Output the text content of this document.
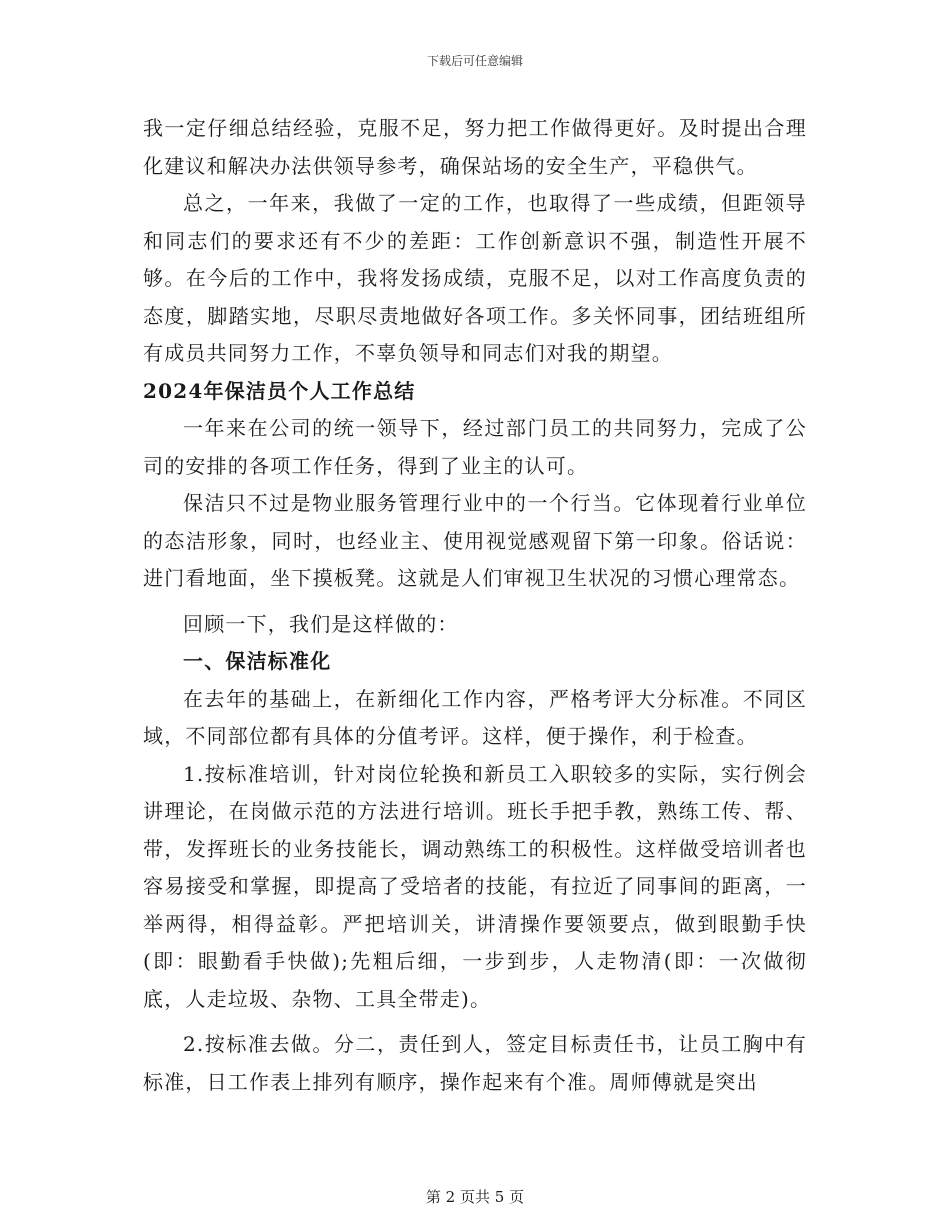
下载后可任意编辑

我一定仔细总结经验，克服不足，努力把工作做得更好。及时提出合理化建议和解决办法供领导参考，确保站场的安全生产，平稳供气。

总之，一年来，我做了一定的工作，也取得了一些成绩，但距领导和同志们的要求还有不少的差距：工作创新意识不强，制造性开展不够。在今后的工作中，我将发扬成绩，克服不足，以对工作高度负责的态度，脚踏实地，尽职尽责地做好各项工作。多关怀同事，团结班组所有成员共同努力工作，不辜负领导和同志们对我的期望。

2024年保洁员个人工作总结

一年来在公司的统一领导下，经过部门员工的共同努力，完成了公司的安排的各项工作任务，得到了业主的认可。

保洁只不过是物业服务管理行业中的一个行当。它体现着行业单位的态洁形象，同时，也经业主、使用视觉感观留下第一印象。俗话说：进门看地面，坐下摸板凳。这就是人们审视卫生状况的习惯心理常态。

回顾一下，我们是这样做的：

一、保洁标准化

在去年的基础上，在新细化工作内容，严格考评大分标准。不同区域，不同部位都有具体的分值考评。这样，便于操作，利于检查。

1.按标准培训，针对岗位轮换和新员工入职较多的实际，实行例会讲理论，在岗做示范的方法进行培训。班长手把手教，熟练工传、帮、带，发挥班长的业务技能长，调动熟练工的积极性。这样做受培训者也容易接受和掌握，即提高了受培者的技能，有拉近了同事间的距离，一举两得，相得益彰。严把培训关，讲清操作要领要点，做到眼勤手快(即：眼勤看手快做);先粗后细，一步到步，人走物清(即：一次做彻底，人走垃圾、杂物、工具全带走)。

2.按标准去做。分二，责任到人，签定目标责任书，让员工胸中有标准，日工作表上排列有顺序，操作起来有个准。周师傅就是突出

第 2 页共 5 页
